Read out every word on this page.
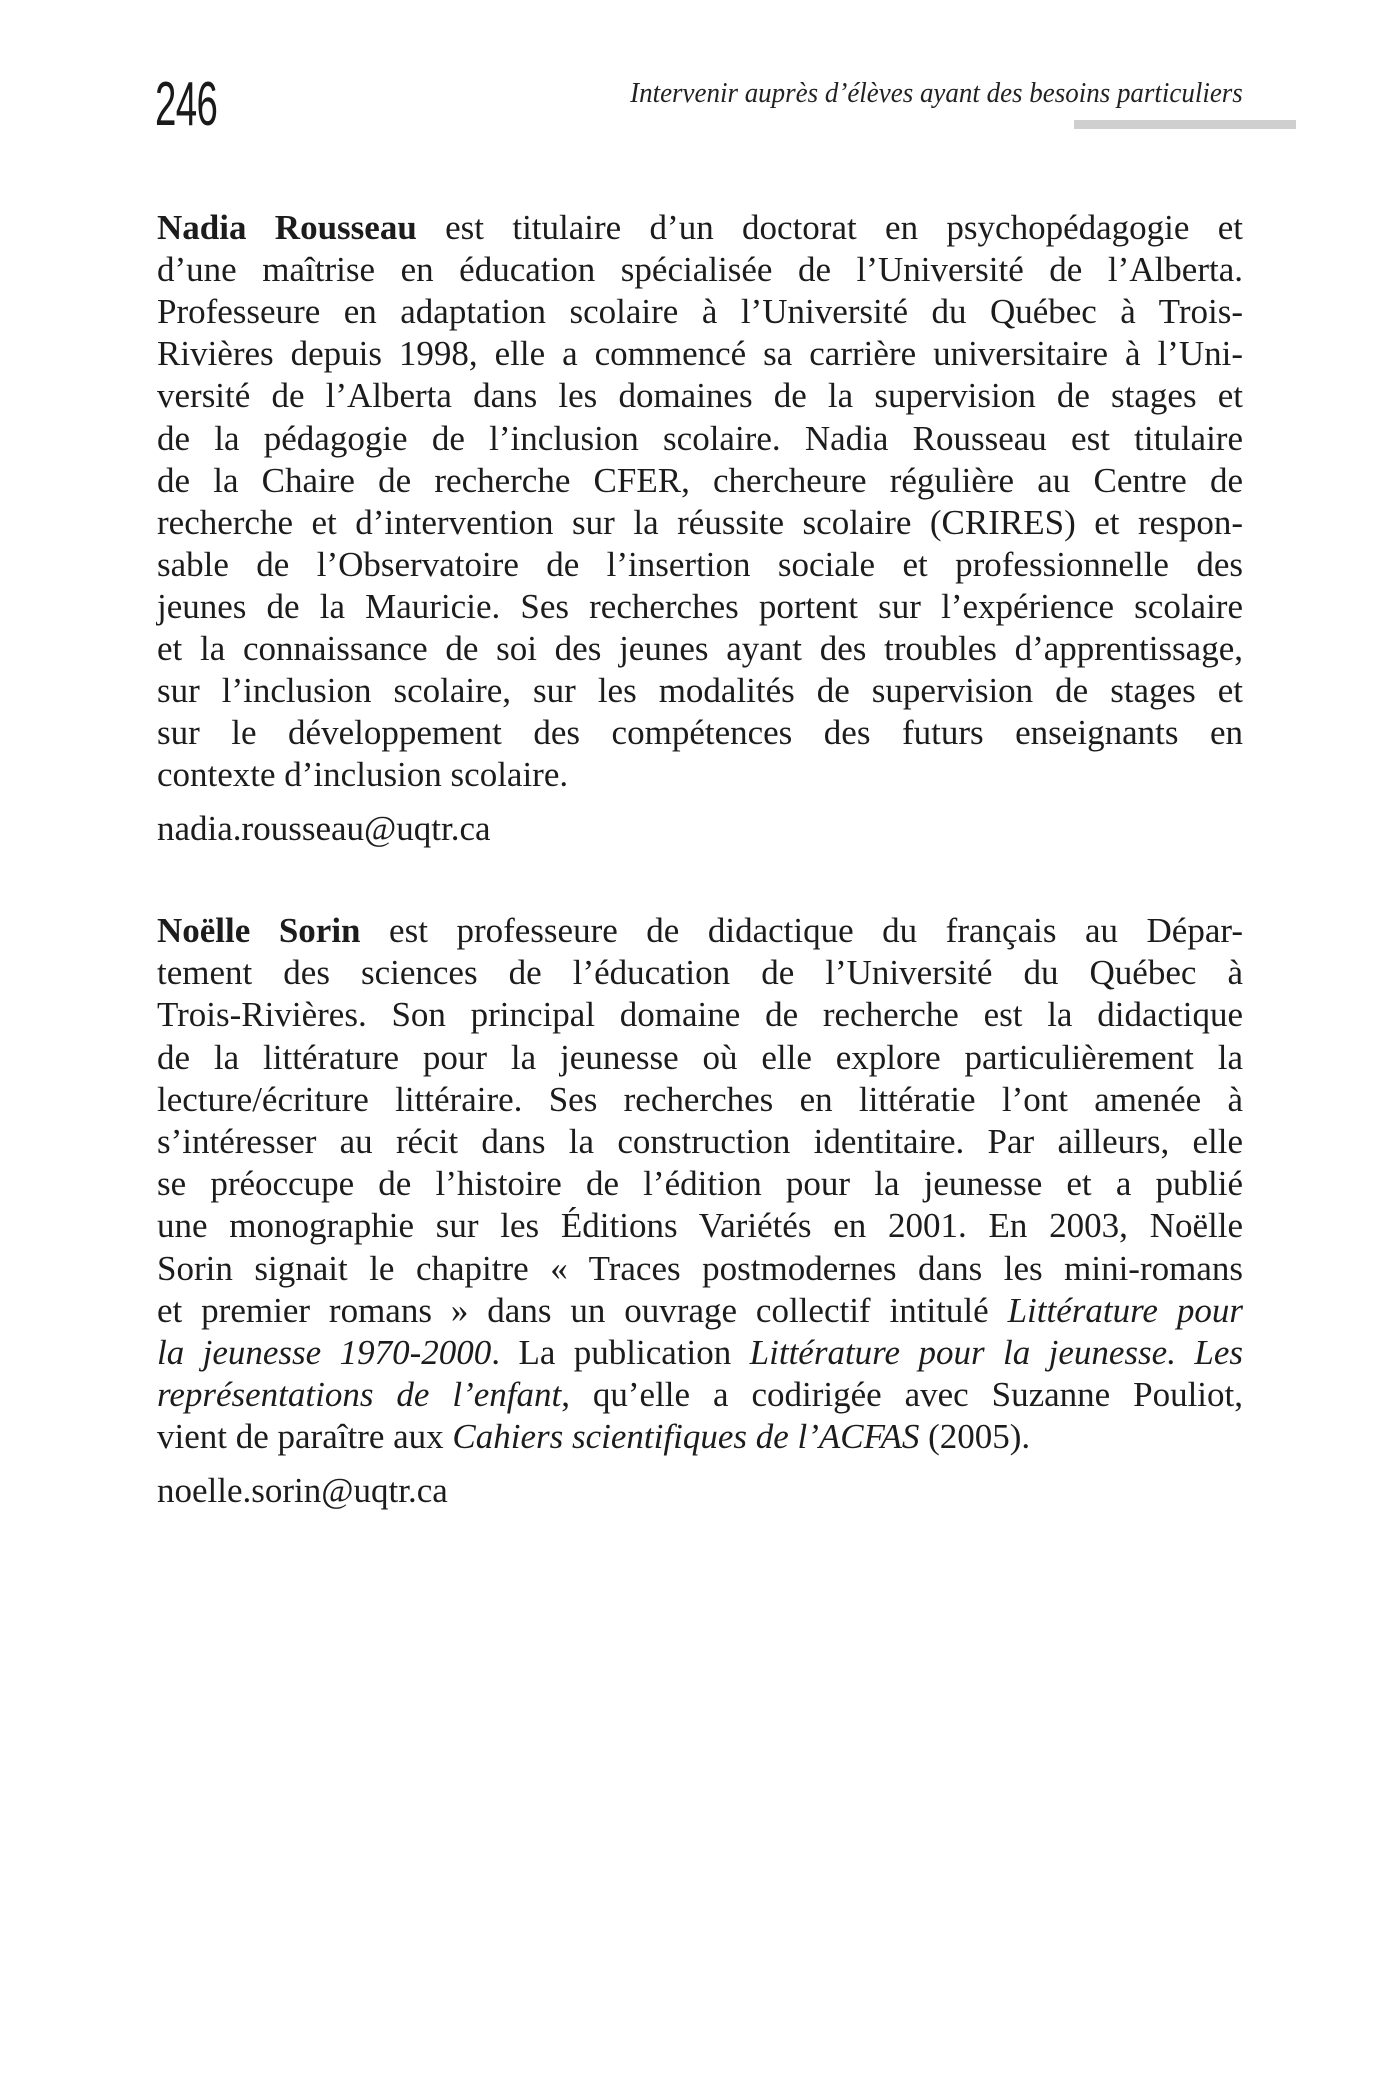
246	Intervenir auprès d’élèves ayant des besoins particuliers
Nadia Rousseau est titulaire d’un doctorat en psychopédagogie et
d’une maîtrise en éducation spécialisée de l’Université de l’Alberta.
Professeure en adaptation scolaire à l’Université du Québec à Trois-
Rivières depuis 1998, elle a commencé sa carrière universitaire à l’Uni-
versité de l’Alberta dans les domaines de la supervision de stages et
de la pédagogie de l’inclusion scolaire. Nadia Rousseau est titulaire
de la Chaire de recherche CFER, chercheure régulière au Centre de
recherche et d’intervention sur la réussite scolaire (CRIRES) et respon-
sable de l’Observatoire de l’insertion sociale et professionnelle des
jeunes de la Mauricie. Ses recherches portent sur l’expérience scolaire
et la connaissance de soi des jeunes ayant des troubles d’apprentissage,
sur l’inclusion scolaire, sur les modalités de supervision de stages et
sur le développement des compétences des futurs enseignants en
contexte d’inclusion scolaire.
nadia.rousseau@uqtr.ca
Noëlle Sorin est professeure de didactique du français au Dépar-
tement des sciences de l’éducation de l’Université du Québec à
Trois-Rivières. Son principal domaine de recherche est la didactique
de la littérature pour la jeunesse où elle explore particulièrement la
lecture/écriture littéraire. Ses recherches en littératie l’ont amenée à
s’intéresser au récit dans la construction identitaire. Par ailleurs, elle
se préoccupe de l’histoire de l’édition pour la jeunesse et a publié
une monographie sur les Éditions Variétés en 2001. En 2003, Noëlle
Sorin signait le chapitre « Traces postmodernes dans les mini-romans
et premier romans » dans un ouvrage collectif intitulé Littérature pour
la jeunesse 1970-2000. La publication Littérature pour la jeunesse. Les
représentations de l’enfant, qu’elle a codirigée avec Suzanne Pouliot,
vient de paraître aux Cahiers scientifiques de l’ACFAS (2005).
noelle.sorin@uqtr.ca
